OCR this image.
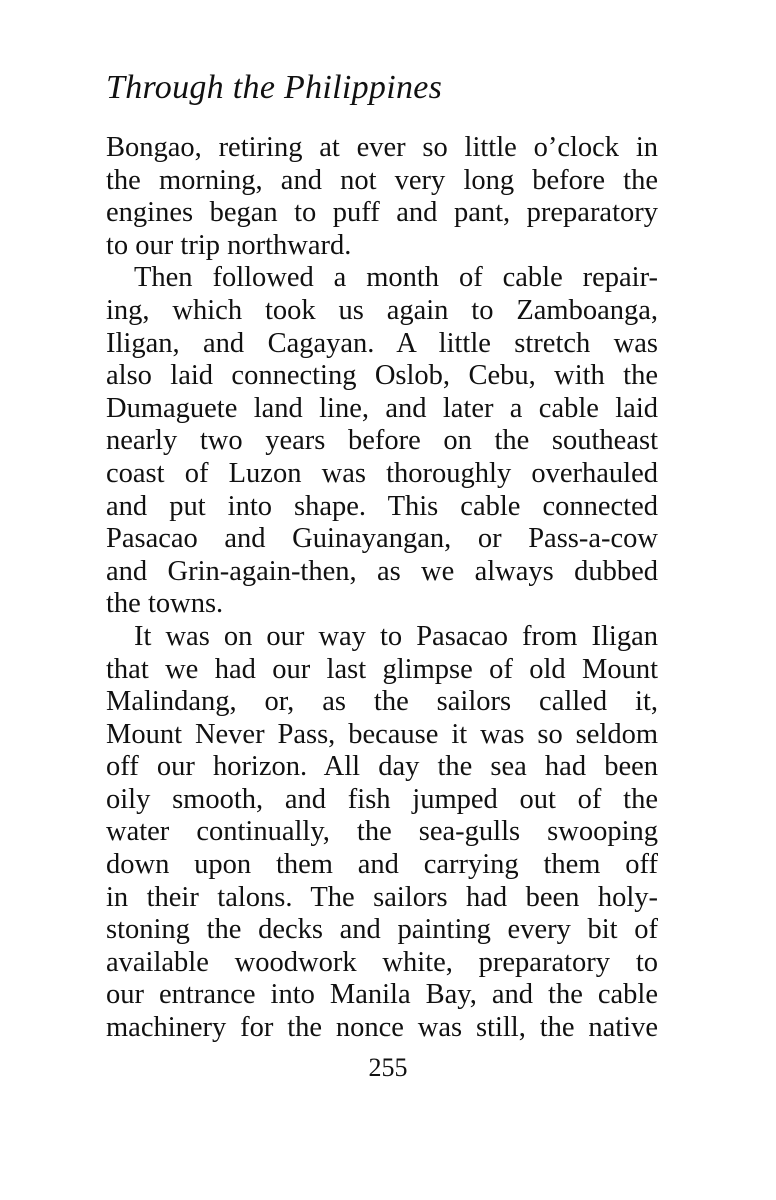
Through the Philippines
Bongao, retiring at ever so little o’clock in
the morning, and not very long before the
engines began to puff and pant, preparatory
to our trip northward.
Then followed a month of cable repair-
ing, which took us again to Zamboanga,
Iligan, and Cagayan. A little stretch was
also laid connecting Oslob, Cebu, with the
Dumaguete land line, and later a cable laid
nearly two years before on the southeast
coast of Luzon was thoroughly overhauled
and put into shape. This cable connected
Pasacao and Guinayangan, or Pass-a-cow
and Grin-again-then, as we always dubbed
the towns.
It was on our way to Pasacao from Iligan
that we had our last glimpse of old Mount
Malindang, or, as the sailors called it,
Mount Never Pass, because it was so seldom
off our horizon. All day the sea had been
oily smooth, and fish jumped out of the
water continually, the sea-gulls swooping
down upon them and carrying them off
in their talons. The sailors had been holy-
stoning the decks and painting every bit of
available woodwork white, preparatory to
our entrance into Manila Bay, and the cable
machinery for the nonce was still, the native
255
